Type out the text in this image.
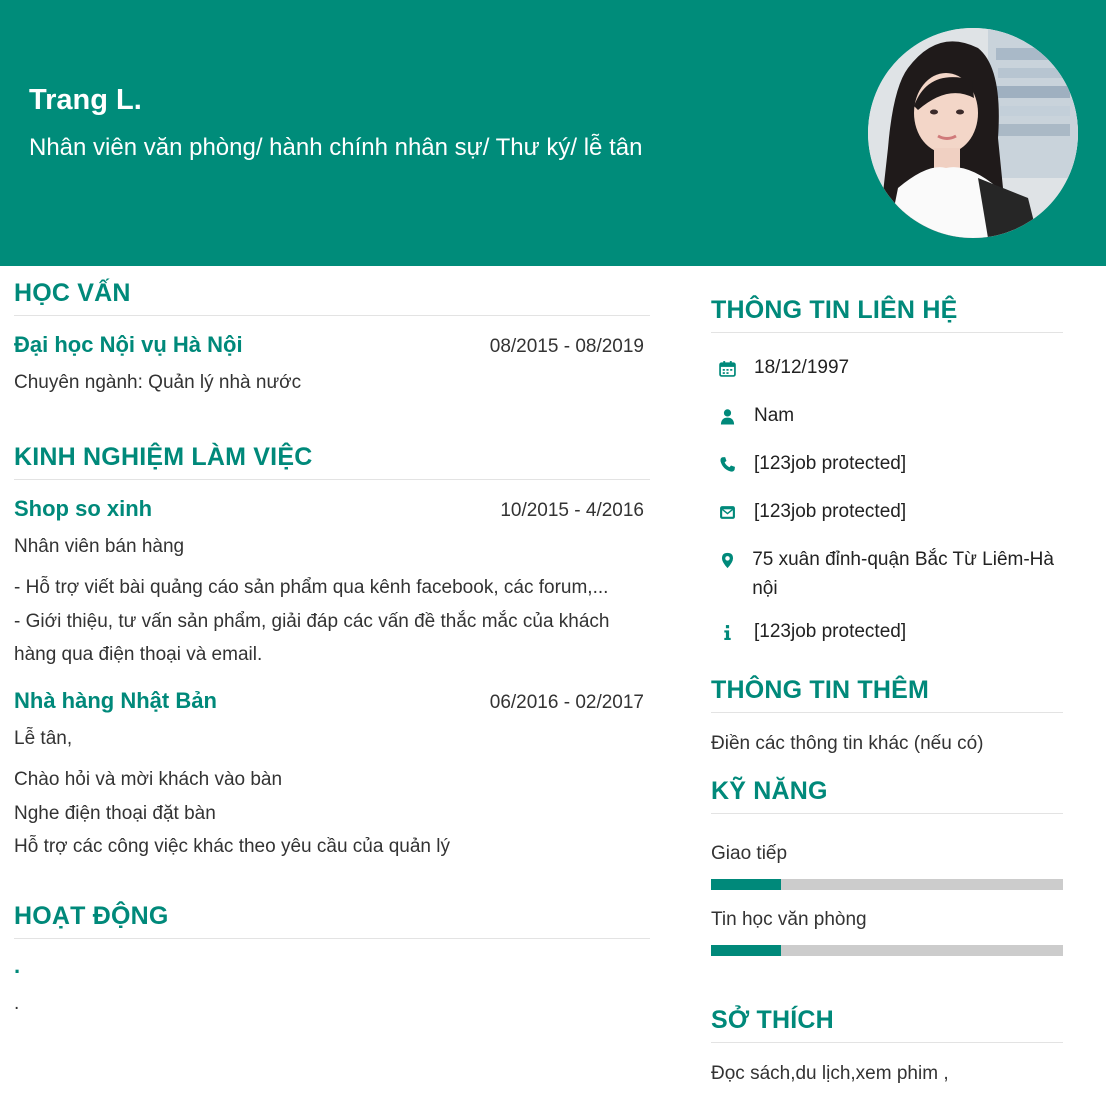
Trang L.
Nhân viên văn phòng/ hành chính nhân sự/ Thư ký/ lễ tân
HỌC VẤN
Đại học Nội vụ Hà Nội	08/2015 - 08/2019
Chuyên ngành: Quản lý nhà nước
KINH NGHIỆM LÀM VIỆC
Shop so xinh	10/2015 - 4/2016
Nhân viên bán hàng
- Hỗ trợ viết bài quảng cáo sản phẩm qua kênh facebook, các forum,...
- Giới thiệu, tư vấn sản phẩm, giải đáp các vấn đề thắc mắc của khách
hàng qua điện thoại và email.
Nhà hàng Nhật Bản	06/2016 - 02/2017
Lễ tân,
Chào hỏi và mời khách vào bàn
Nghe điện thoại đặt bàn
Hỗ trợ các công việc khác theo yêu cầu của quản lý
HOẠT ĐỘNG
.
.
THÔNG TIN LIÊN HỆ
18/12/1997
Nam
[123job protected]
[123job protected]
75 xuân đỉnh-quận Bắc Từ Liêm-Hà nội
[123job protected]
THÔNG TIN THÊM
Điền các thông tin khác (nếu có)
KỸ NĂNG
Giao tiếp
Tin học văn phòng
SỞ THÍCH
Đọc sách,du lịch,xem phim ,
